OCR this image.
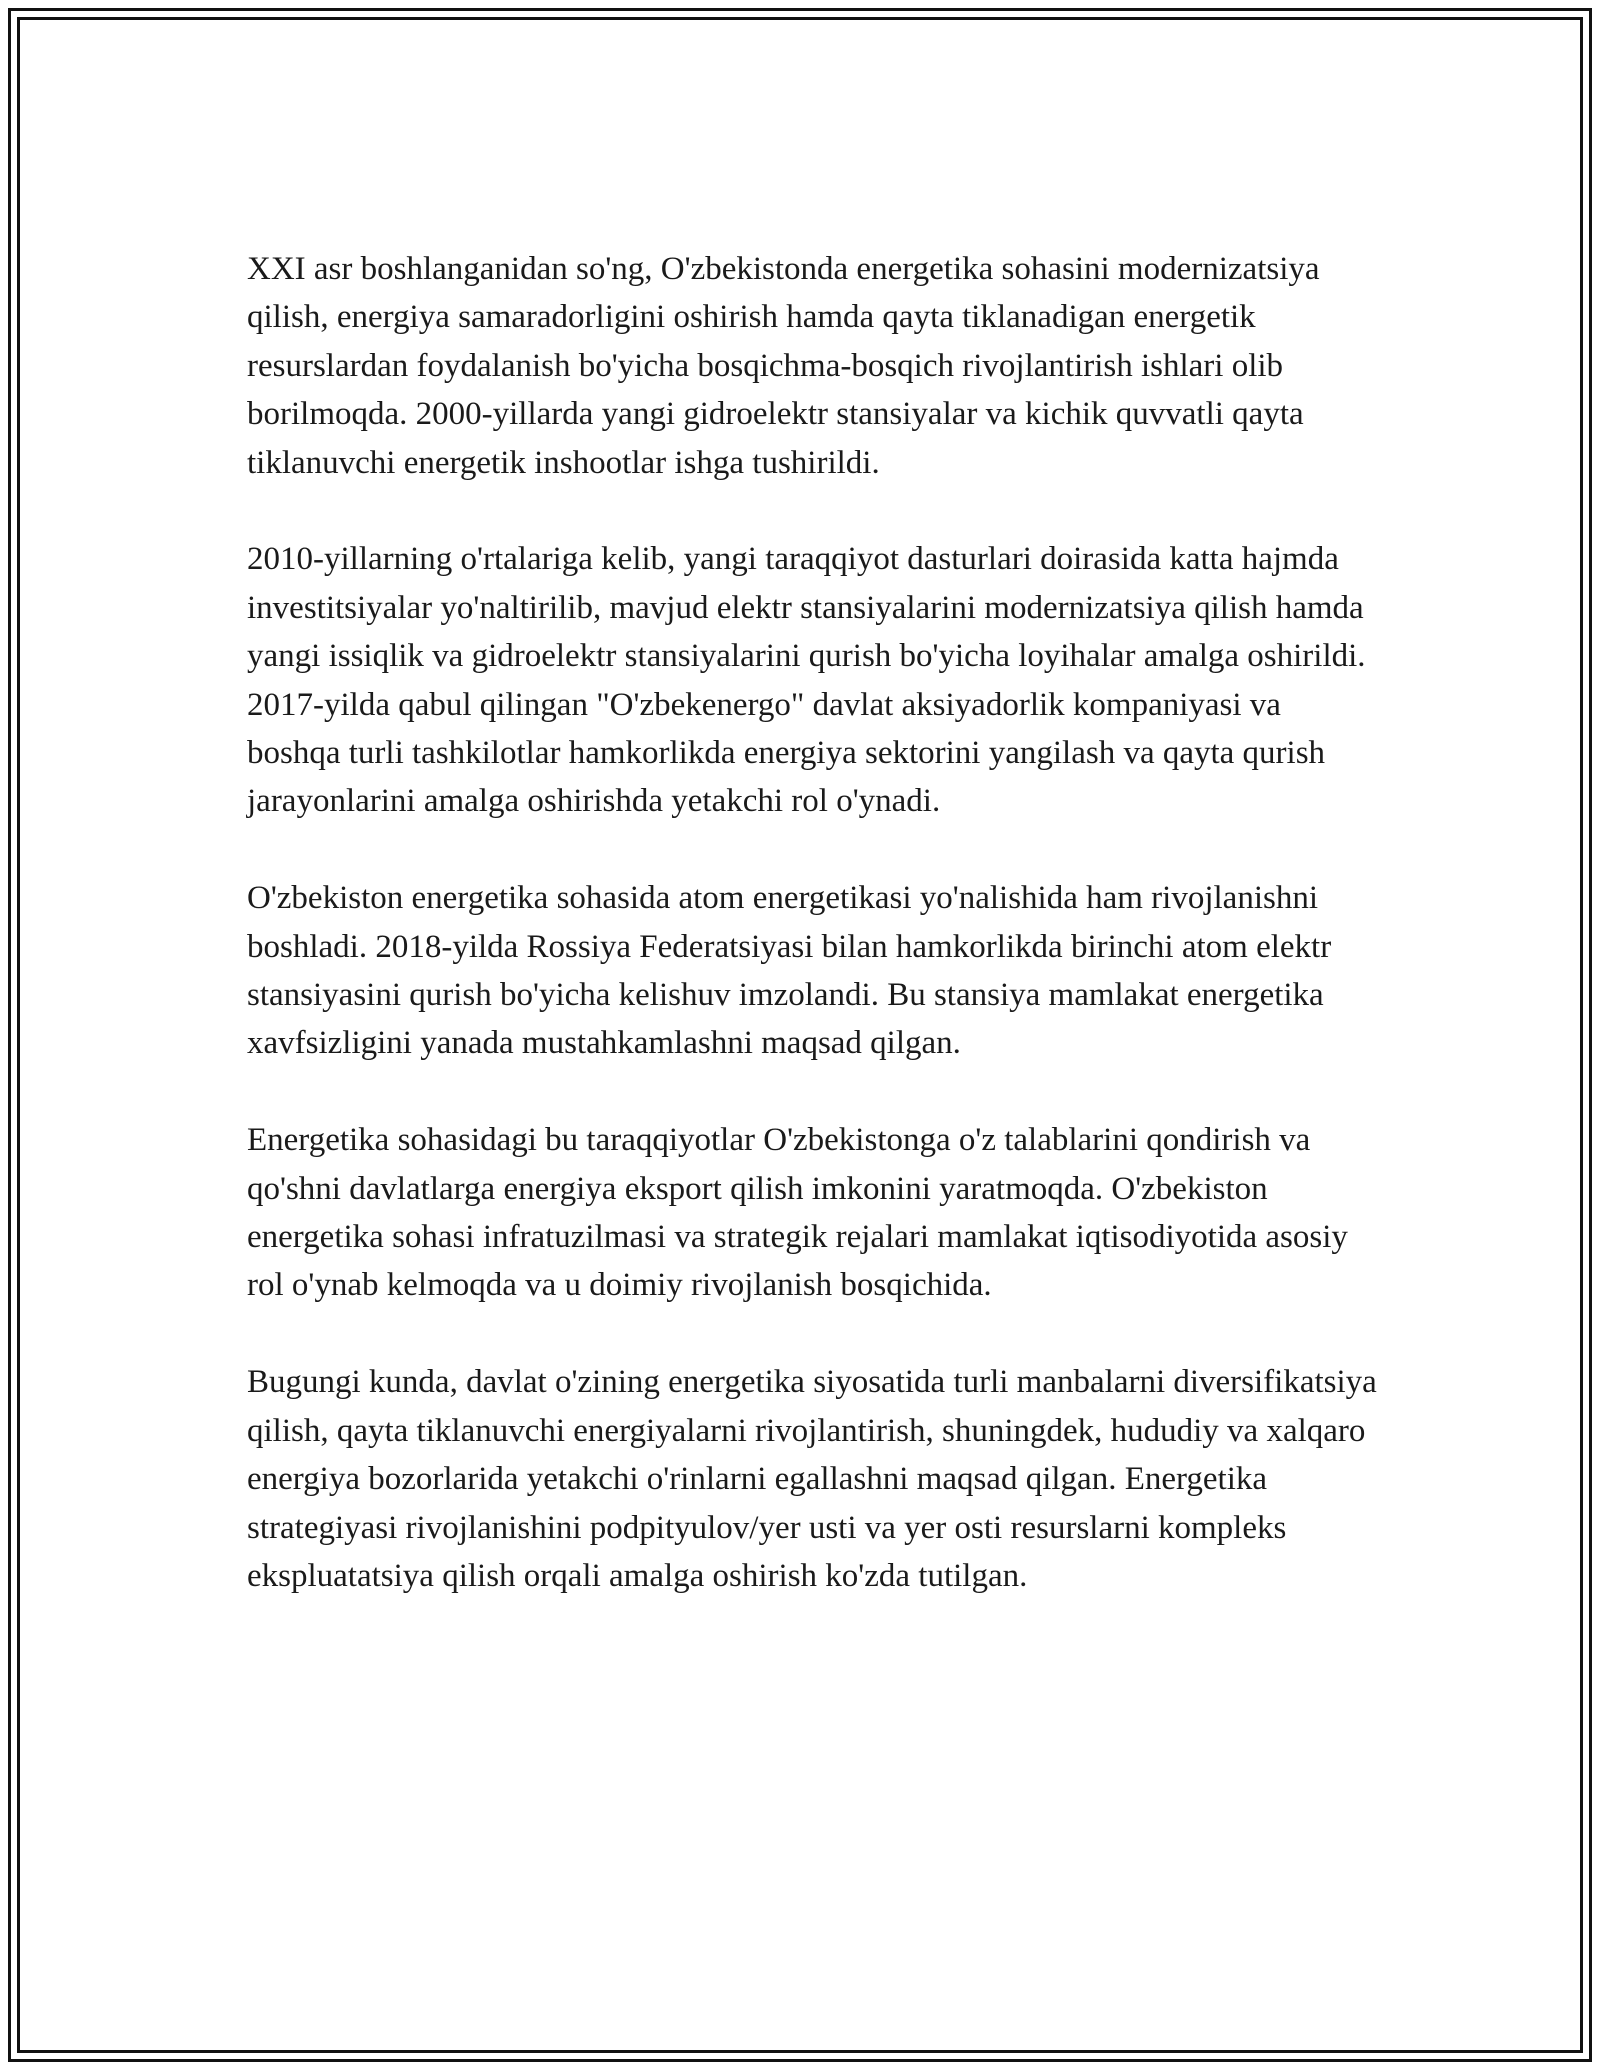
XXI asr boshlanganidan so'ng, O'zbekistonda energetika sohasini modernizatsiya qilish, energiya samaradorligini oshirish hamda qayta tiklanadigan energetik resurslardan foydalanish bo'yicha bosqichma-bosqich rivojlantirish ishlari olib borilmoqda. 2000-yillarda yangi gidroelektr stansiyalar va kichik quvvatli qayta tiklanuvchi energetik inshootlar ishga tushirildi.

2010-yillarning o'rtalariga kelib, yangi taraqqiyot dasturlari doirasida katta hajmda investitsiyalar yo'naltirilib, mavjud elektr stansiyalarini modernizatsiya qilish hamda yangi issiqlik va gidroelektr stansiyalarini qurish bo'yicha loyihalar amalga oshirildi. 2017-yilda qabul qilingan "O'zbekenergo" davlat aksiyadorlik kompaniyasi va boshqa turli tashkilotlar hamkorlikda energiya sektorini yangilash va qayta qurish jarayonlarini amalga oshirishda yetakchi rol o'ynadi.

O'zbekiston energetika sohasida atom energetikasi yo'nalishida ham rivojlanishni boshladi. 2018-yilda Rossiya Federatsiyasi bilan hamkorlikda birinchi atom elektr stansiyasini qurish bo'yicha kelishuv imzolandi. Bu stansiya mamlakat energetika xavfsizligini yanada mustahkamlashni maqsad qilgan.

Energetika sohasidagi bu taraqqiyotlar O'zbekistonga o'z talablarini qondirish va qo'shni davlatlarga energiya eksport qilish imkonini yaratmoqda. O'zbekiston energetika sohasi infratuzilmasi va strategik rejalari mamlakat iqtisodiyotida asosiy rol o'ynab kelmoqda va u doimiy rivojlanish bosqichida.

Bugungi kunda, davlat o'zining energetika siyosatida turli manbalarni diversifikatsiya qilish, qayta tiklanuvchi energiyalarni rivojlantirish, shuningdek, hududiy va xalqaro energiya bozorlarida yetakchi o'rinlarni egallashni maqsad qilgan. Energetika strategiyasi rivojlanishini podpityulov/yer usti va yer osti resurslarni kompleks ekspluatatsiya qilish orqali amalga oshirish ko'zda tutilgan.
